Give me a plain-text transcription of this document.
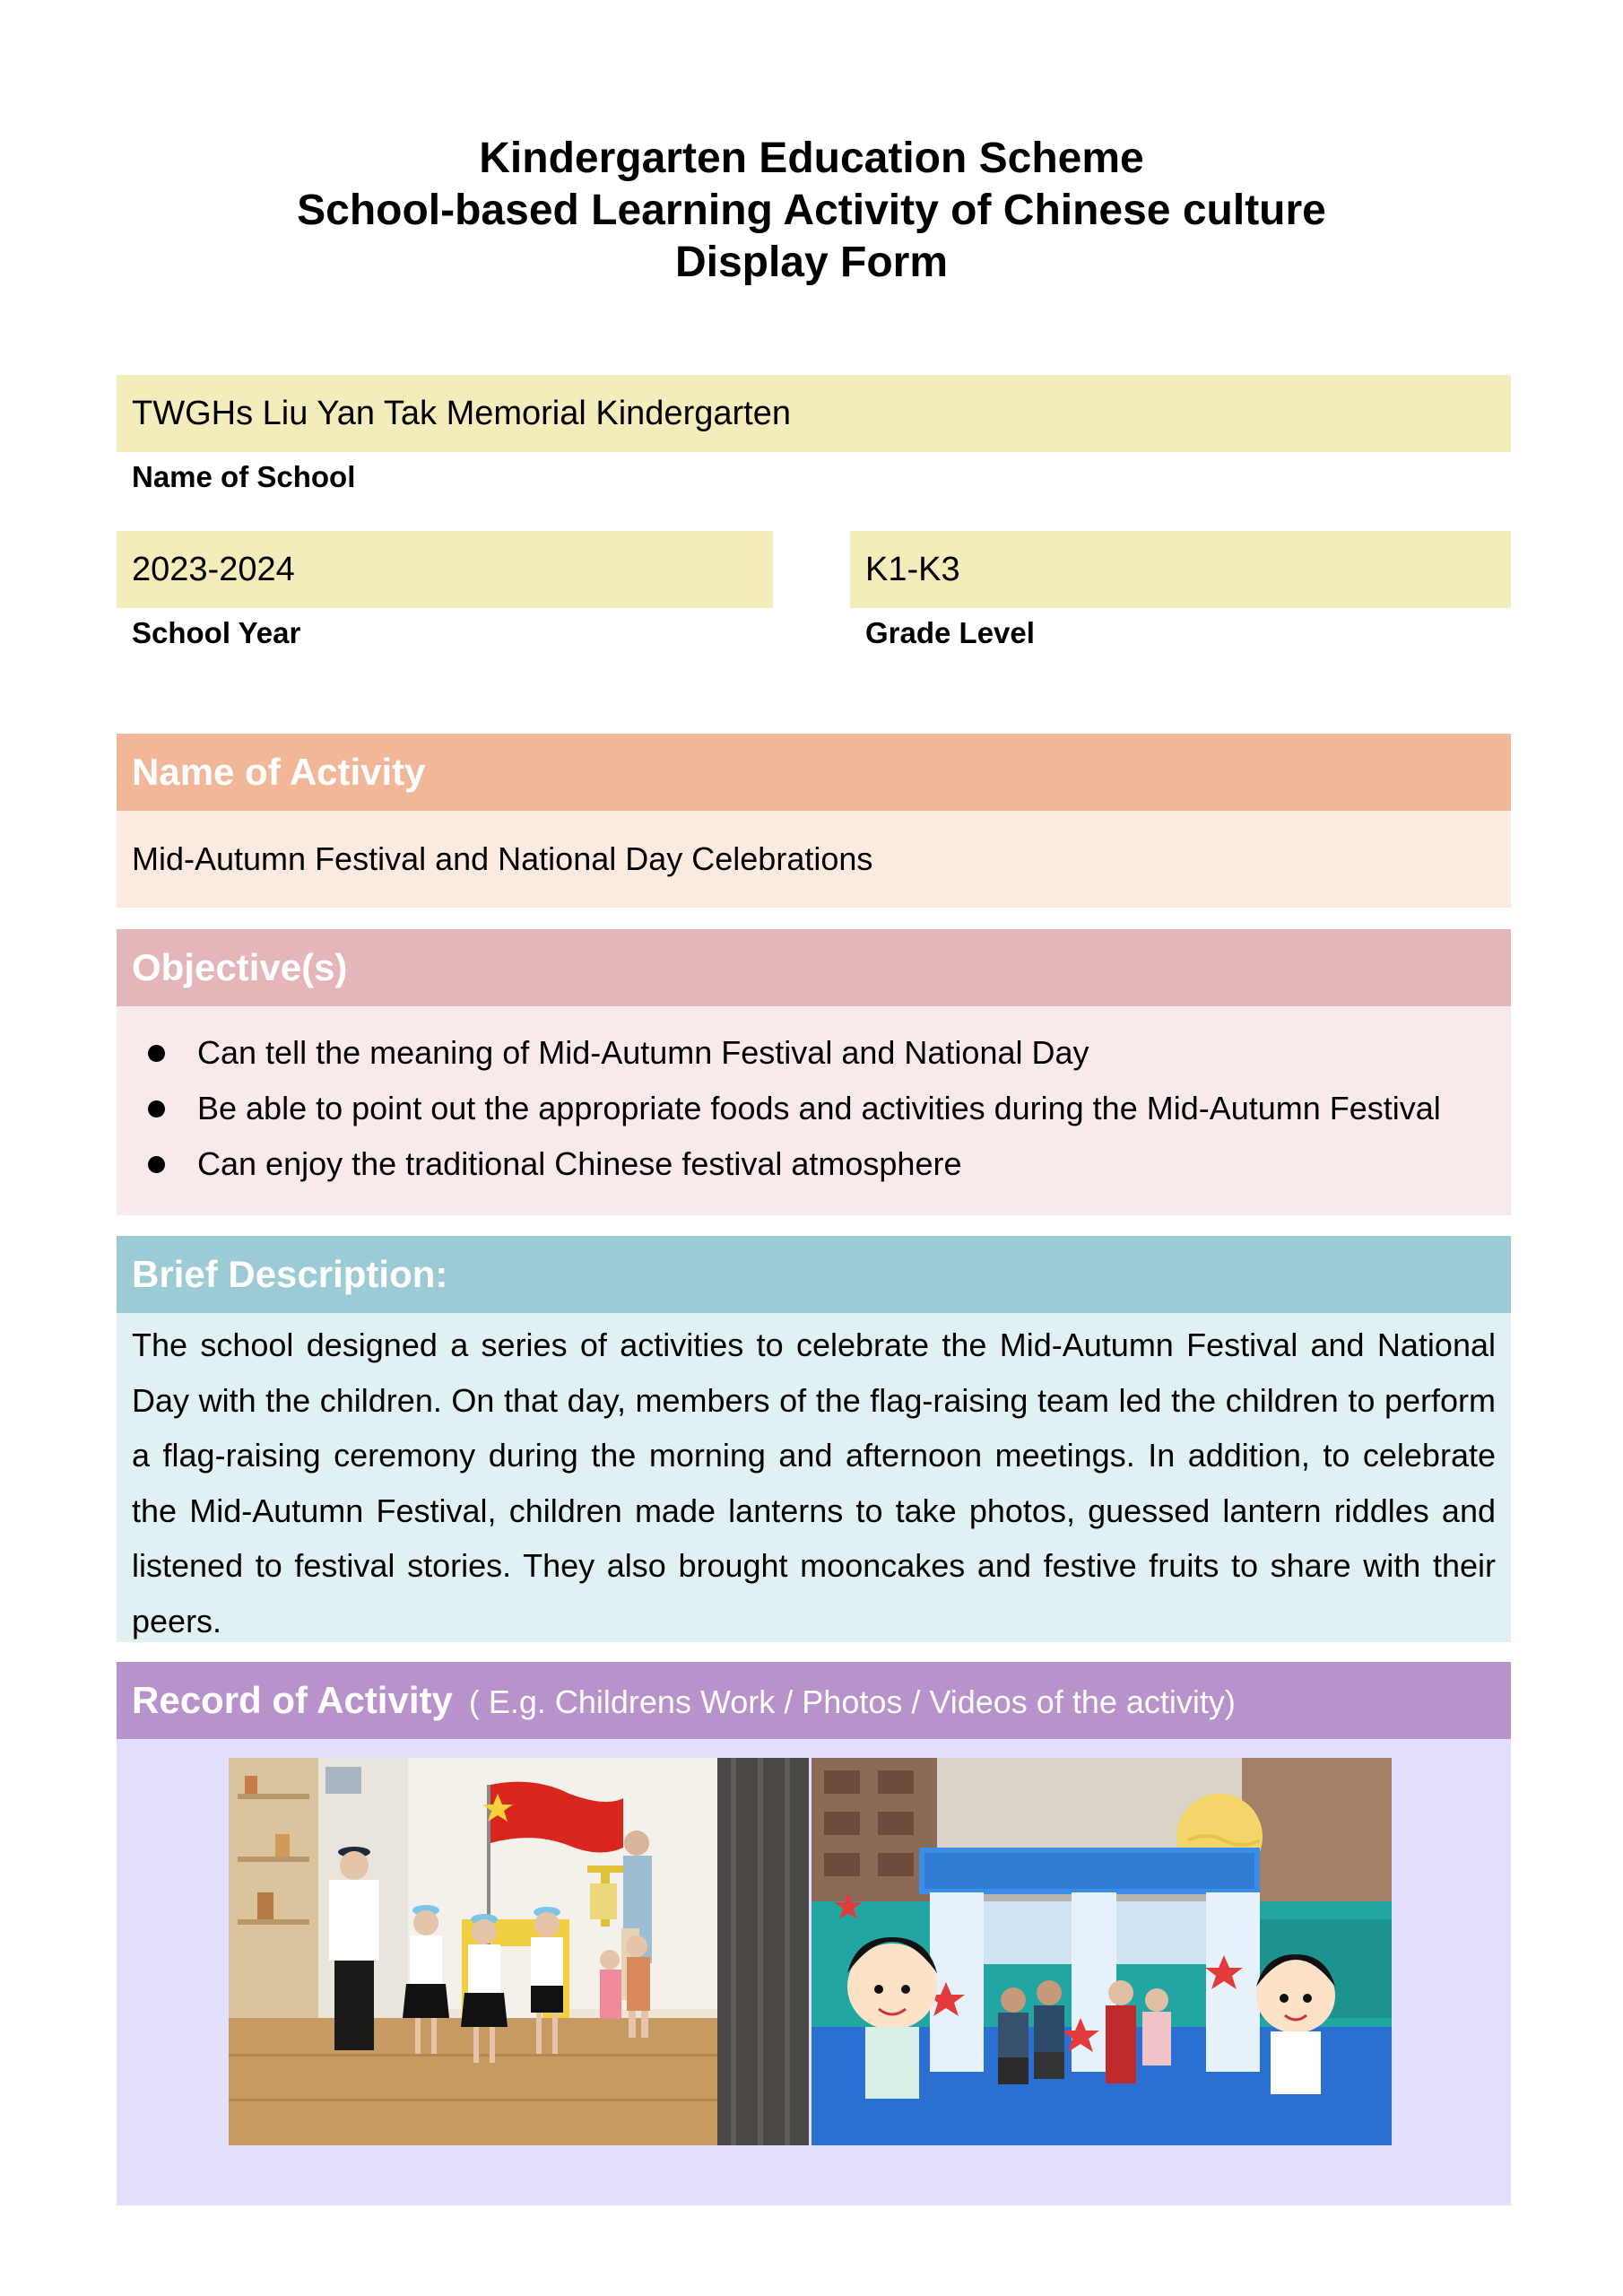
Kindergarten Education Scheme
School-based Learning Activity of Chinese culture
Display Form
TWGHs Liu Yan Tak Memorial Kindergarten
Name of School
2023-2024
School Year
K1-K3
Grade Level
Name of Activity
Mid-Autumn Festival and National Day Celebrations
Objective(s)
Can tell the meaning of Mid-Autumn Festival and National Day
Be able to point out the appropriate foods and activities during the Mid-Autumn Festival
Can enjoy the traditional Chinese festival atmosphere
Brief Description:
The school designed a series of activities to celebrate the Mid-Autumn Festival and National Day with the children. On that day, members of the flag-raising team led the children to perform a flag-raising ceremony during the morning and afternoon meetings. In addition, to celebrate the Mid-Autumn Festival, children made lanterns to take photos, guessed lantern riddles and listened to festival stories. They also brought mooncakes and festive fruits to share with their peers.
Record of Activity ( E.g. Childrens Work / Photos / Videos of the activity)
